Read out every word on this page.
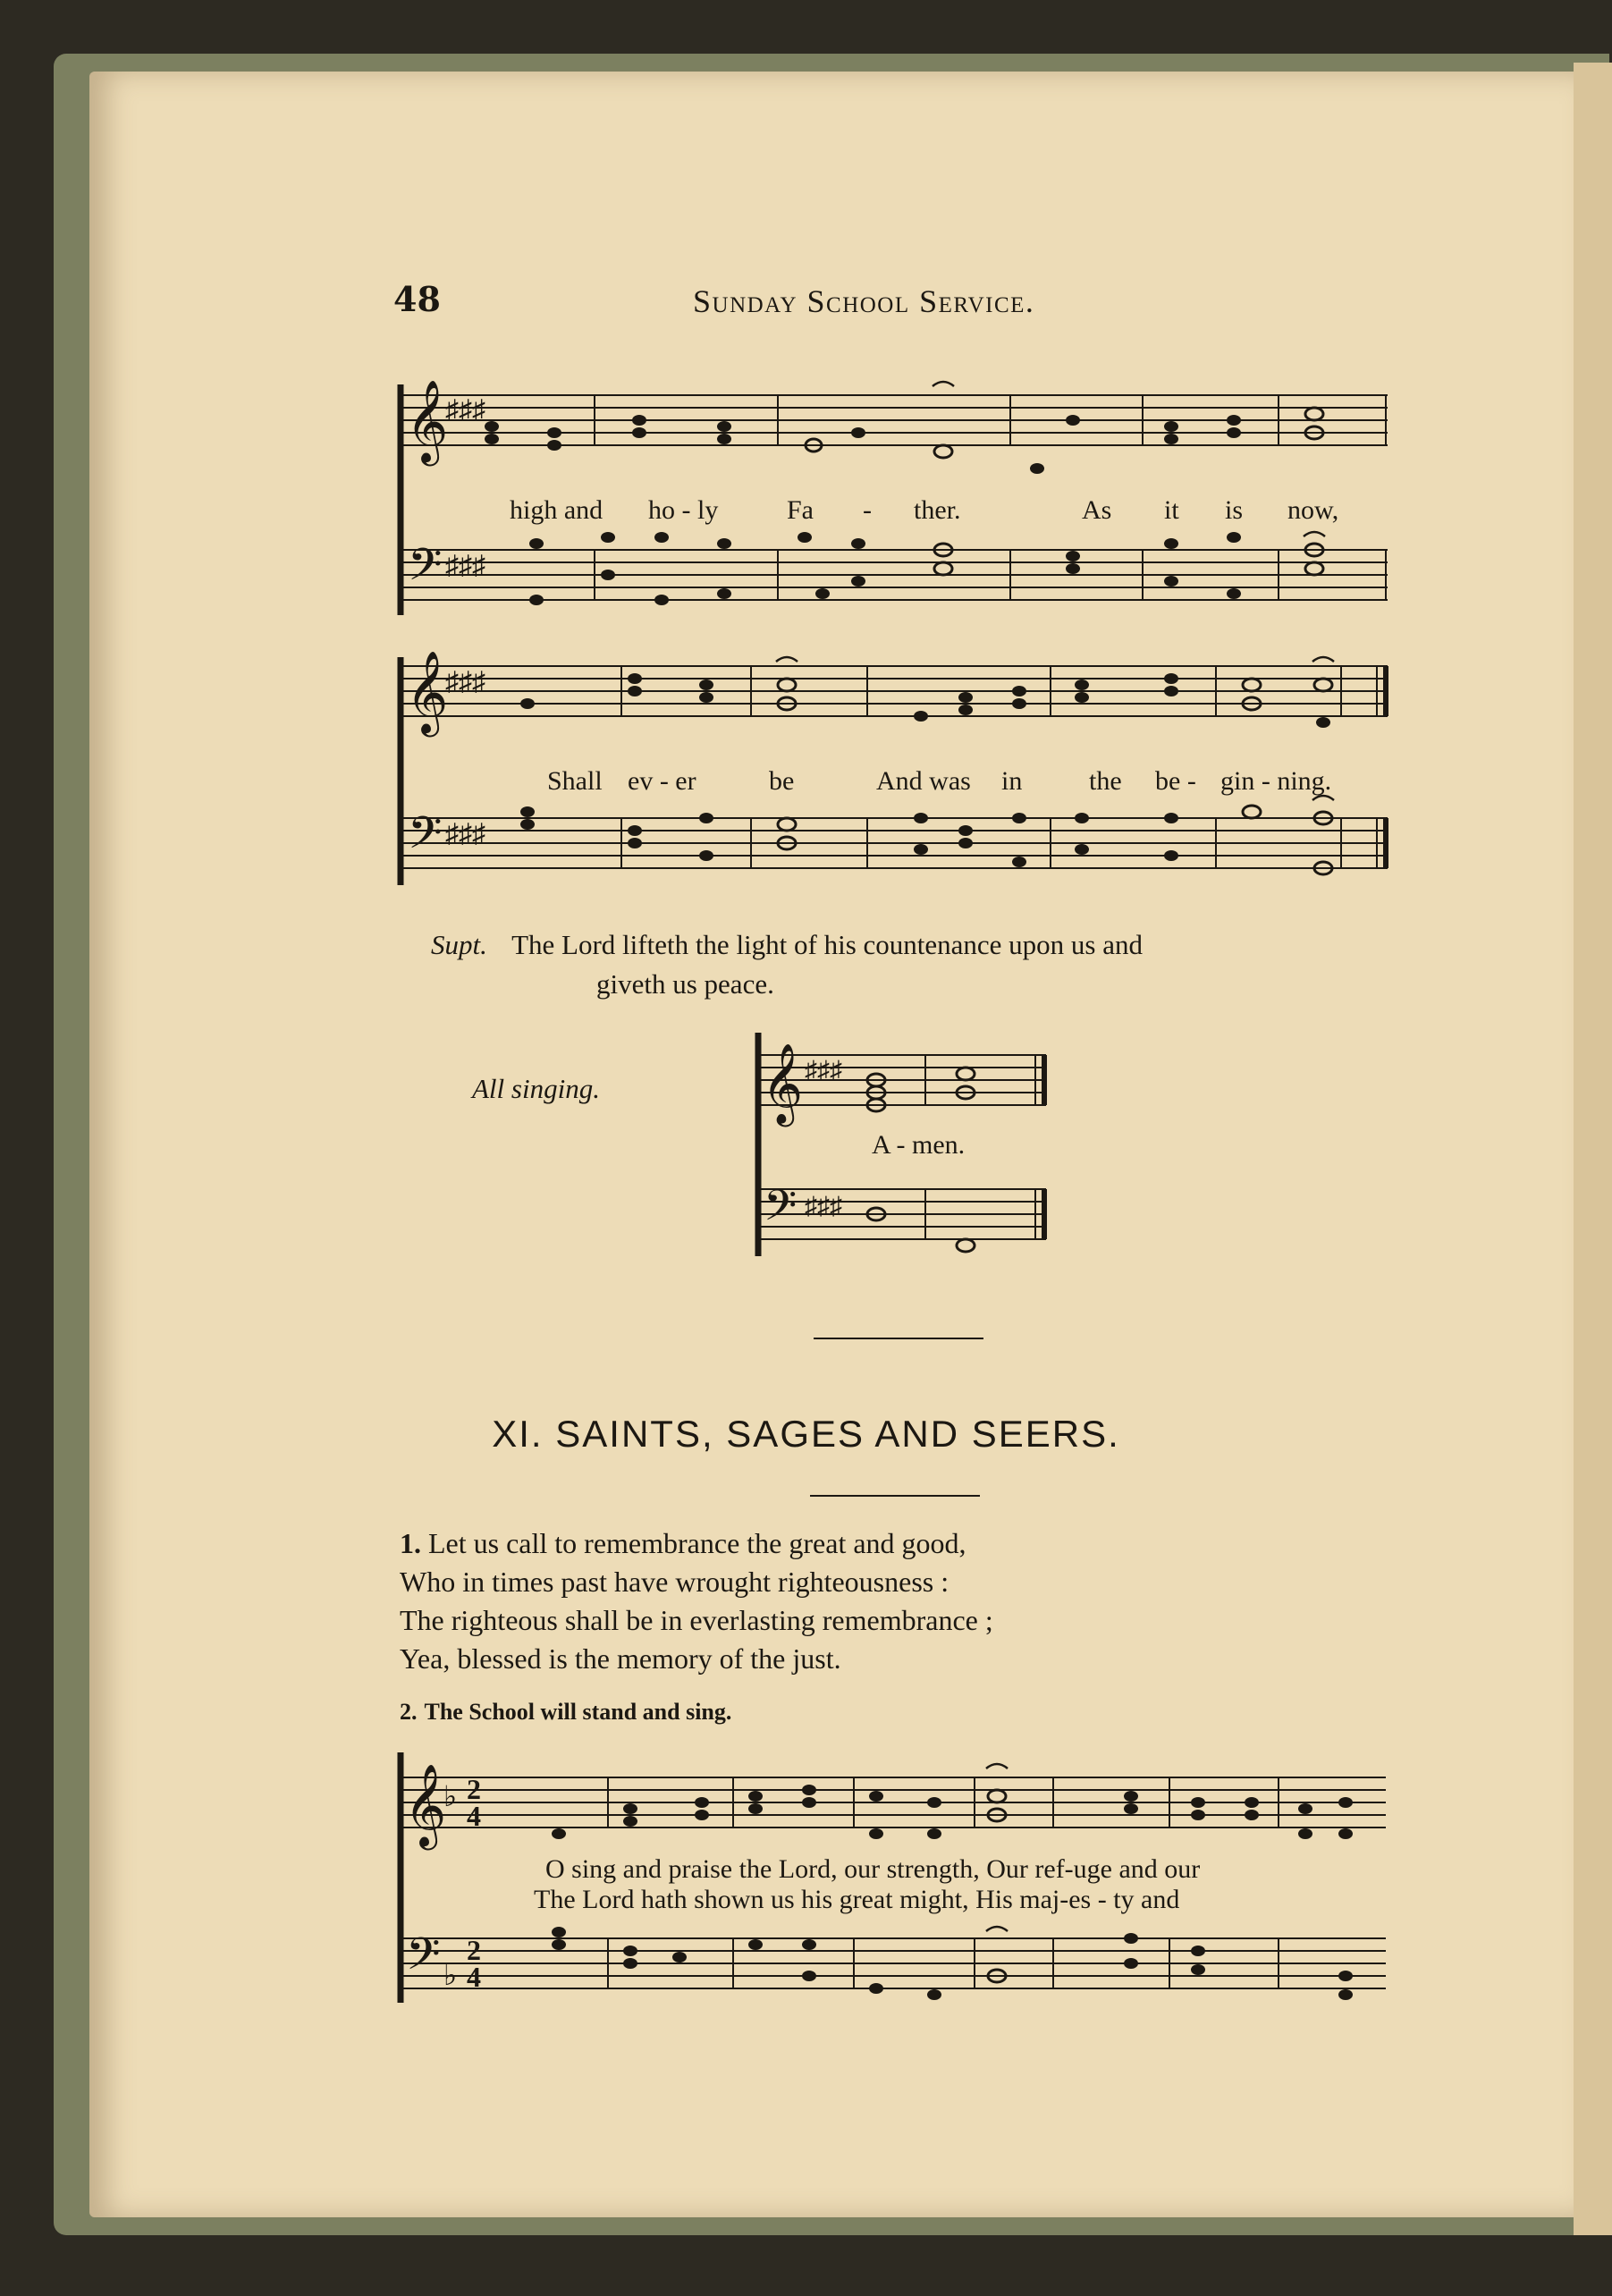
48	Sunday School Service.
𝄞
𝄢
𝄞
𝄢
♯♯♯
♯♯♯
♯♯♯
♯♯♯
high and ho - ly	Fa - ther.	As it is now,
Shall ev - er	be	And was in the be - gin - ning.
Supt. The Lord lifteth the light of his countenance upon us and
giveth us peace.
All singing. 𝄞
𝄢
♯♯♯
♯♯♯
A - men.
XI. SAINTS, SAGES AND SEERS.
1. Let us call to remembrance the great and good,
Who in times past have wrought righteousness :
The righteous shall be in everlasting remembrance ;
Yea, blessed is the memory of the just.
2. The School will stand and sing.
𝄞
𝄢
♭
♭
2
4
2
4
O sing and praise the Lord, our strength, Our ref-uge and our
The Lord hath shown us his great might, His maj-es - ty and
